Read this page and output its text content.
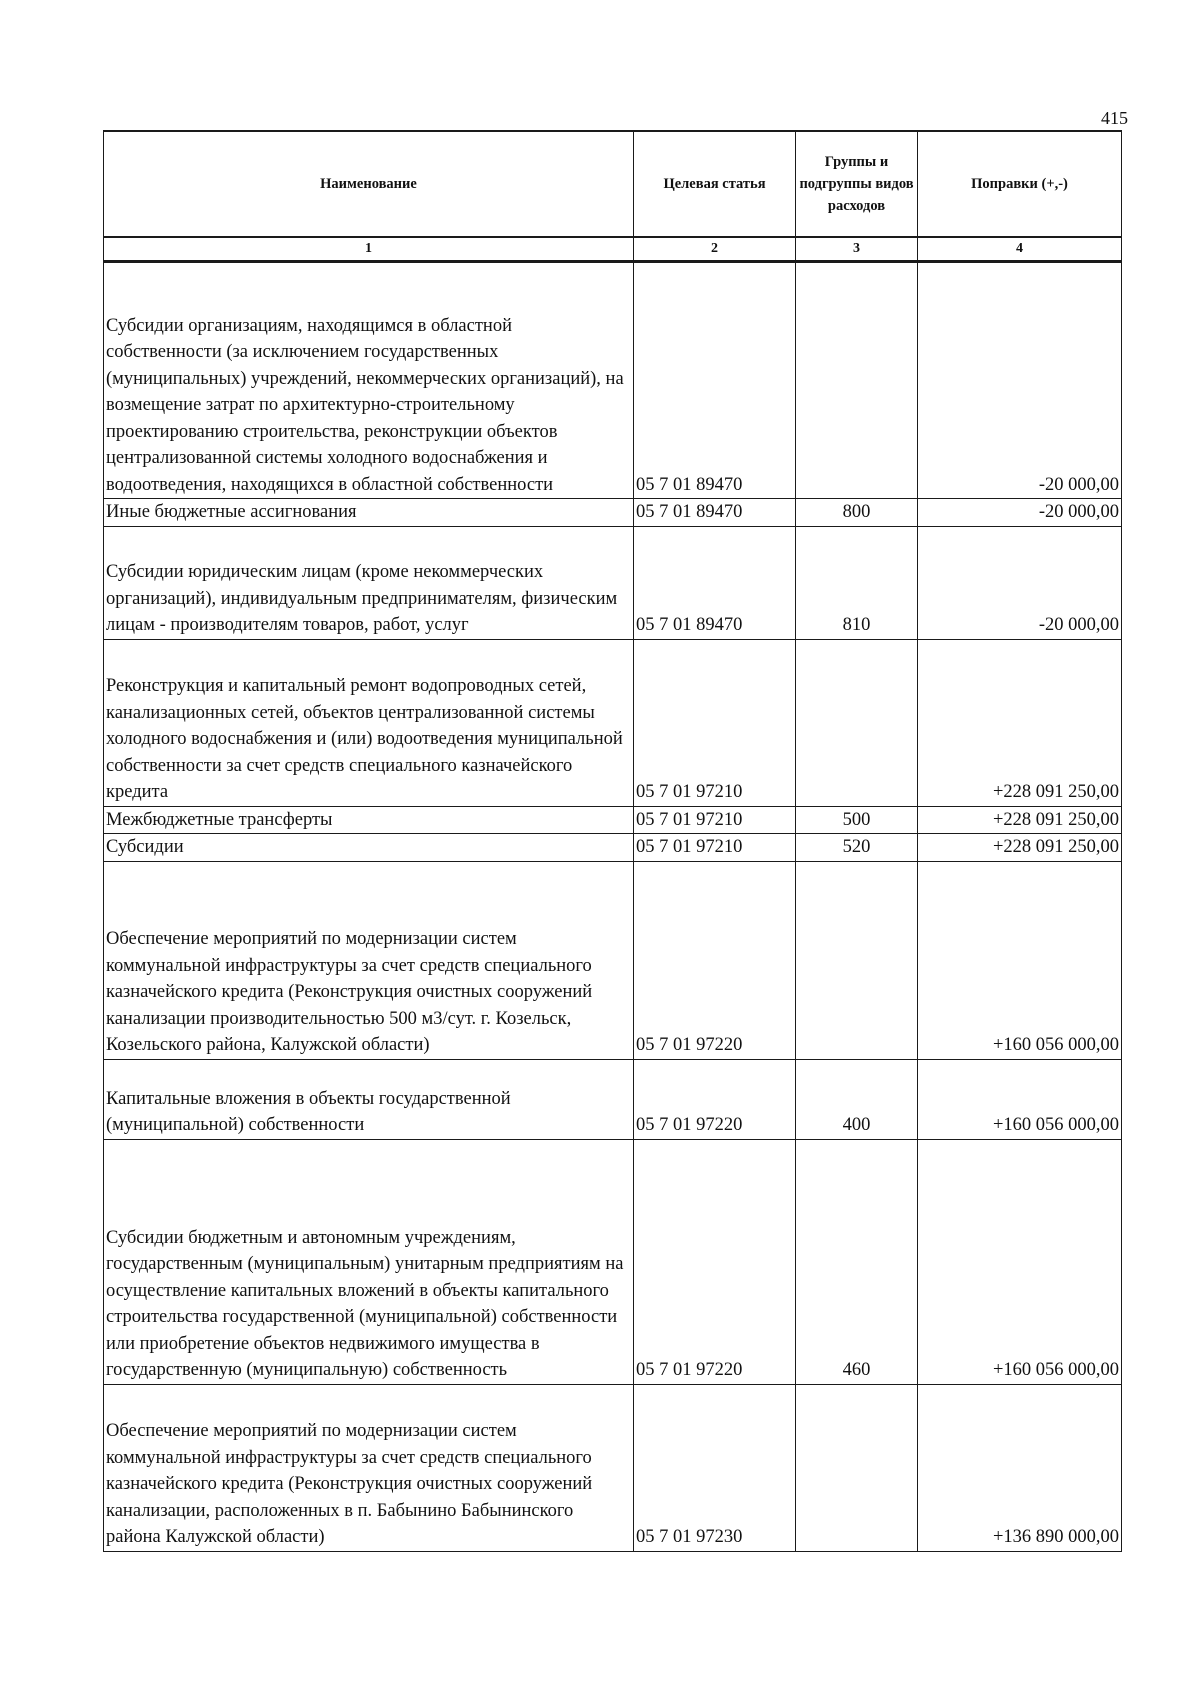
415
Наименование	Целевая статья	Группы и подгруппы видов расходов	Поправки (+,-)
1	2	3	4
Субсидии организациям, находящимся в областной собственности (за исключением государственных (муниципальных) учреждений, некоммерческих организаций), на возмещение затрат по архитектурно-строительному проектированию строительства, реконструкции объектов централизованной системы холодного водоснабжения и водоотведения, находящихся в областной собственности	05 7 01 89470		-20 000,00
Иные бюджетные ассигнования	05 7 01 89470	800	-20 000,00
Субсидии юридическим лицам (кроме некоммерческих организаций), индивидуальным предпринимателям, физическим лицам - производителям товаров, работ, услуг	05 7 01 89470	810	-20 000,00
Реконструкция и капитальный ремонт водопроводных сетей, канализационных сетей, объектов централизованной системы холодного водоснабжения и (или) водоотведения муниципальной собственности за счет средств специального казначейского кредита	05 7 01 97210		+228 091 250,00
Межбюджетные трансферты	05 7 01 97210	500	+228 091 250,00
Субсидии	05 7 01 97210	520	+228 091 250,00
Обеспечение мероприятий по модернизации систем коммунальной инфраструктуры за счет средств специального казначейского кредита (Реконструкция очистных сооружений канализации производительностью 500 м3/сут. г. Козельск, Козельского района, Калужской области)	05 7 01 97220		+160 056 000,00
Капитальные вложения в объекты государственной (муниципальной) собственности	05 7 01 97220	400	+160 056 000,00
Субсидии бюджетным и автономным учреждениям, государственным (муниципальным) унитарным предприятиям на осуществление капитальных вложений в объекты капитального строительства государственной (муниципальной) собственности или приобретение объектов недвижимого имущества в государственную (муниципальную) собственность	05 7 01 97220	460	+160 056 000,00
Обеспечение мероприятий по модернизации систем коммунальной инфраструктуры за счет средств специального казначейского кредита (Реконструкция очистных сооружений канализации, расположенных в п. Бабынино Бабынинского района Калужской области)	05 7 01 97230		+136 890 000,00
